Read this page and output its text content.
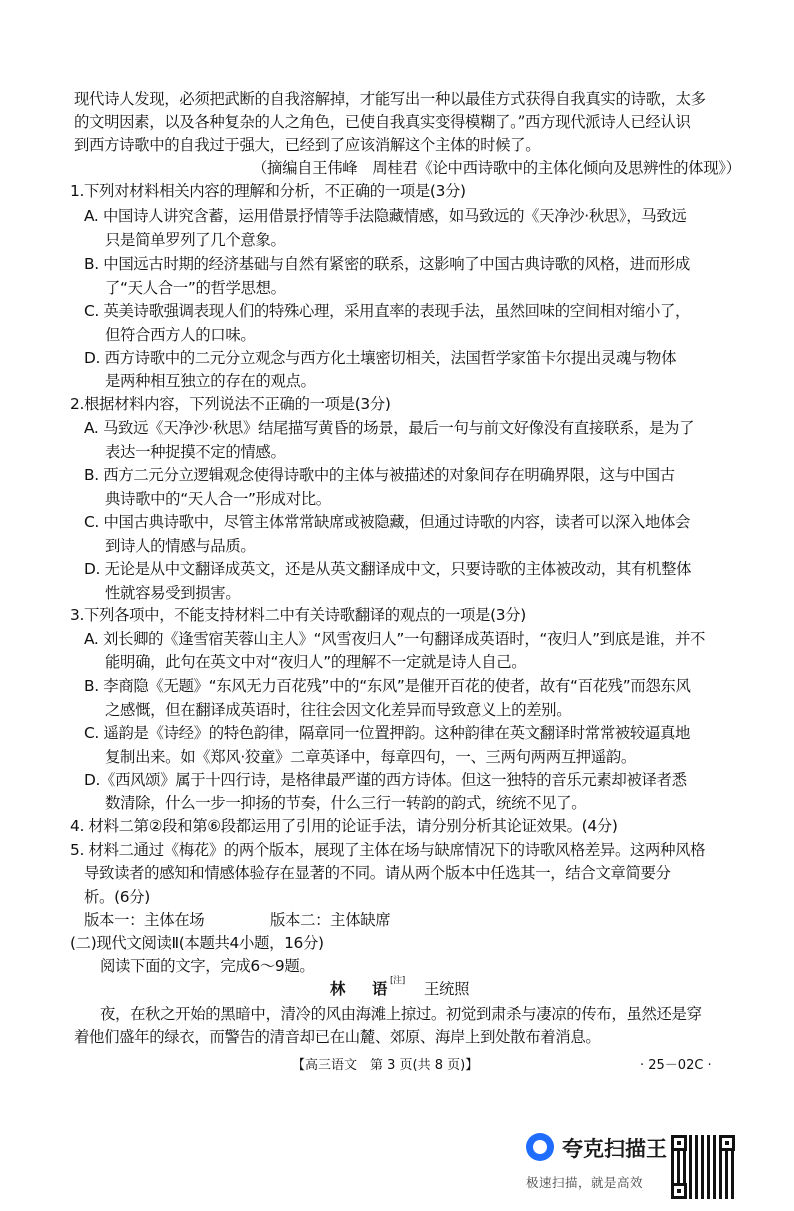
现代诗人发现，必须把武断的自我溶解掉，才能写出一种以最佳方式获得自我真实的诗歌，太多
的文明因素，以及各种复杂的人之角色，已使自我真实变得模糊了。”西方现代派诗人已经认识
到西方诗歌中的自我过于强大，已经到了应该消解这个主体的时候了。
（摘编自王伟峰　周桂君《论中西诗歌中的主体化倾向及思辨性的体现》）
1.下列对材料相关内容的理解和分析，不正确的一项是(3分)
A. 中国诗人讲究含蓄，运用借景抒情等手法隐藏情感，如马致远的《天净沙·秋思》，马致远
只是简单罗列了几个意象。
B. 中国远古时期的经济基础与自然有紧密的联系，这影响了中国古典诗歌的风格，进而形成
了“天人合一”的哲学思想。
C. 英美诗歌强调表现人们的特殊心理，采用直率的表现手法，虽然回味的空间相对缩小了，
但符合西方人的口味。
D. 西方诗歌中的二元分立观念与西方化土壤密切相关，法国哲学家笛卡尔提出灵魂与物体
是两种相互独立的存在的观点。
2.根据材料内容，下列说法不正确的一项是(3分)
A. 马致远《天净沙·秋思》结尾描写黄昏的场景，最后一句与前文好像没有直接联系，是为了
表达一种捉摸不定的情感。
B. 西方二元分立逻辑观念使得诗歌中的主体与被描述的对象间存在明确界限，这与中国古
典诗歌中的“天人合一”形成对比。
C. 中国古典诗歌中，尽管主体常常缺席或被隐藏，但通过诗歌的内容，读者可以深入地体会
到诗人的情感与品质。
D. 无论是从中文翻译成英文，还是从英文翻译成中文，只要诗歌的主体被改动，其有机整体
性就容易受到损害。
3.下列各项中，不能支持材料二中有关诗歌翻译的观点的一项是(3分)
A. 刘长卿的《逢雪宿芙蓉山主人》“风雪夜归人”一句翻译成英语时，“夜归人”到底是谁，并不
能明确，此句在英文中对“夜归人”的理解不一定就是诗人自己。
B. 李商隐《无题》“东风无力百花残”中的“东风”是催开百花的使者，故有“百花残”而怨东风
之感慨，但在翻译成英语时，往往会因文化差异而导致意义上的差别。
C. 遥韵是《诗经》的特色韵律，隔章同一位置押韵。这种韵律在英文翻译时常常被较逼真地
复制出来。如《郑风·狡童》二章英译中，每章四句，一、三两句两两互押遥韵。
D.《西风颂》属于十四行诗，是格律最严谨的西方诗体。但这一独特的音乐元素却被译者悉
数清除，什么一步一抑扬的节奏，什么三行一转韵的韵式，统统不见了。
4. 材料二第②段和第⑥段都运用了引用的论证手法，请分别分析其论证效果。(4分)
5. 材料二通过《梅花》的两个版本，展现了主体在场与缺席情况下的诗歌风格差异。这两种风格
导致读者的感知和情感体验存在显著的不同。请从两个版本中任选其一，结合文章简要分
析。(6分)
版本一：主体在场	版本二：主体缺席
(二)现代文阅读Ⅱ(本题共4小题，16分)
阅读下面的文字，完成6～9题。
林 语 [注] 王统照
夜，在秋之开始的黑暗中，清冷的风由海滩上掠过。初觉到肃杀与凄凉的传布，虽然还是穿
着他们盛年的绿衣，而警告的清音却已在山麓、郊原、海岸上到处散布着消息。
【高三语文　第 3 页(共 8 页)】	· 25－02C ·
夸克扫描王
极速扫描，就是高效
